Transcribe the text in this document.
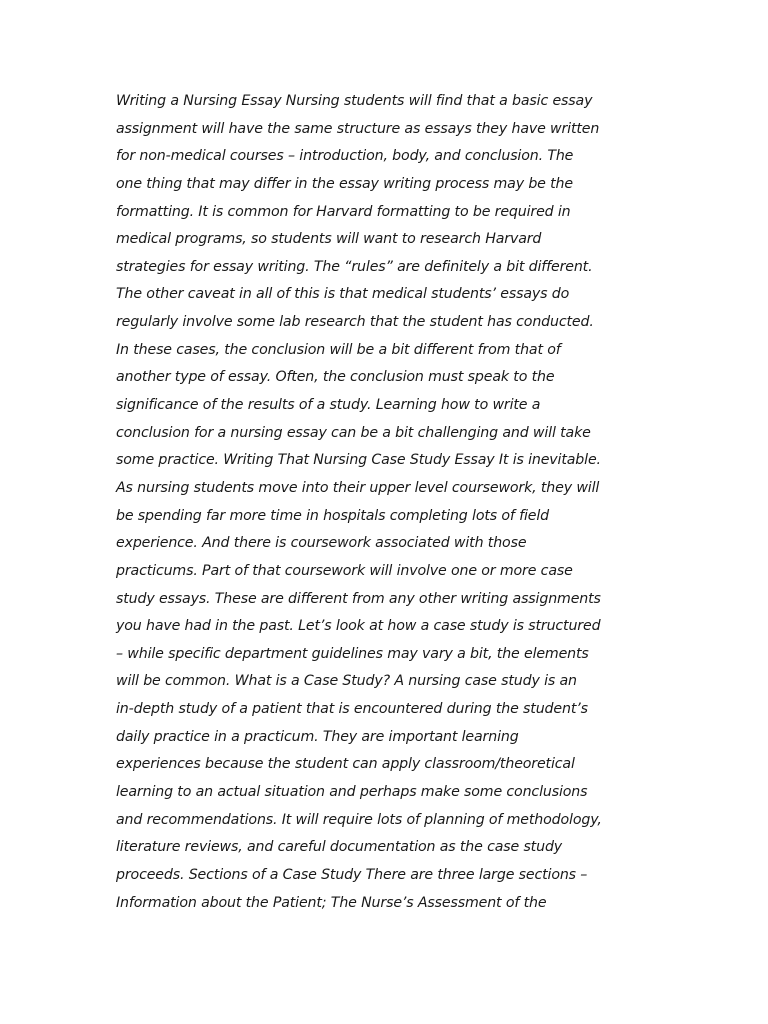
Writing a Nursing Essay Nursing students will find that a basic essay
assignment will have the same structure as essays they have written
for non-medical courses – introduction, body, and conclusion. The
one thing that may differ in the essay writing process may be the
formatting. It is common for Harvard formatting to be required in
medical programs, so students will want to research Harvard
strategies for essay writing. The “rules” are definitely a bit different.
The other caveat in all of this is that medical students’ essays do
regularly involve some lab research that the student has conducted.
In these cases, the conclusion will be a bit different from that of
another type of essay. Often, the conclusion must speak to the
significance of the results of a study. Learning how to write a
conclusion for a nursing essay can be a bit challenging and will take
some practice. Writing That Nursing Case Study Essay It is inevitable.
As nursing students move into their upper level coursework, they will
be spending far more time in hospitals completing lots of field
experience. And there is coursework associated with those
practicums. Part of that coursework will involve one or more case
study essays. These are different from any other writing assignments
you have had in the past. Let’s look at how a case study is structured
– while specific department guidelines may vary a bit, the elements
will be common. What is a Case Study? A nursing case study is an
in-depth study of a patient that is encountered during the student’s
daily practice in a practicum. They are important learning
experiences because the student can apply classroom/theoretical
learning to an actual situation and perhaps make some conclusions
and recommendations. It will require lots of planning of methodology,
literature reviews, and careful documentation as the case study
proceeds. Sections of a Case Study There are three large sections –
Information about the Patient; The Nurse’s Assessment of the
